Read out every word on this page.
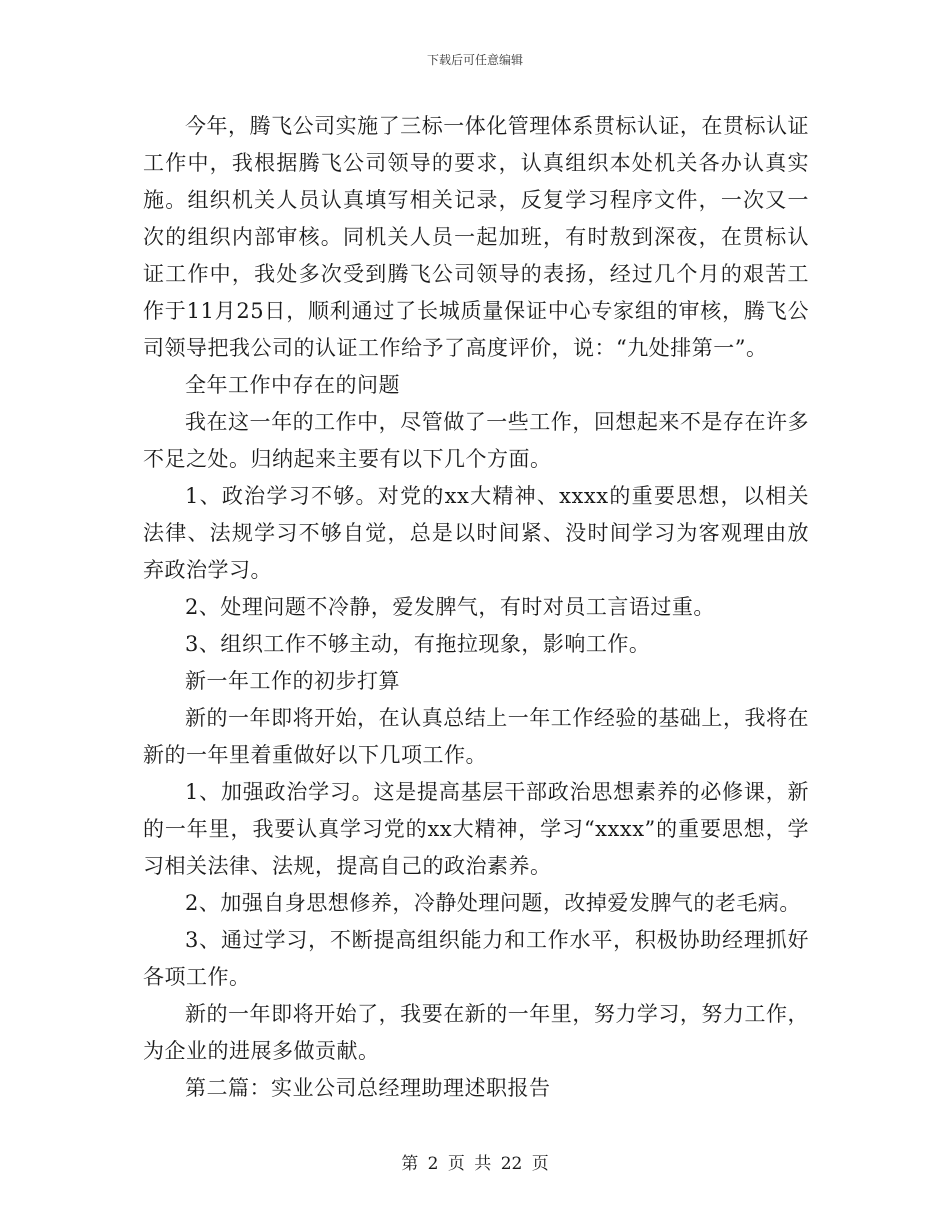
下载后可任意编辑

今年，腾飞公司实施了三标一体化管理体系贯标认证，在贯标认证工作中，我根据腾飞公司领导的要求，认真组织本处机关各办认真实施。组织机关人员认真填写相关记录，反复学习程序文件，一次又一次的组织内部审核。同机关人员一起加班，有时敖到深夜，在贯标认证工作中，我处多次受到腾飞公司领导的表扬，经过几个月的艰苦工作于11月25日，顺利通过了长城质量保证中心专家组的审核，腾飞公司领导把我公司的认证工作给予了高度评价，说：“九处排第一”。

全年工作中存在的问题

我在这一年的工作中，尽管做了一些工作，回想起来不是存在许多不足之处。归纳起来主要有以下几个方面。

1、政治学习不够。对党的xx大精神、xxxx的重要思想，以相关法律、法规学习不够自觉，总是以时间紧、没时间学习为客观理由放弃政治学习。

2、处理问题不冷静，爱发脾气，有时对员工言语过重。

3、组织工作不够主动，有拖拉现象，影响工作。

新一年工作的初步打算

新的一年即将开始，在认真总结上一年工作经验的基础上，我将在新的一年里着重做好以下几项工作。

1、加强政治学习。这是提高基层干部政治思想素养的必修课，新的一年里，我要认真学习党的xx大精神，学习“xxxx”的重要思想，学习相关法律、法规，提高自己的政治素养。

2、加强自身思想修养，冷静处理问题，改掉爱发脾气的老毛病。

3、通过学习，不断提高组织能力和工作水平，积极协助经理抓好各项工作。

新的一年即将开始了，我要在新的一年里，努力学习，努力工作，为企业的进展多做贡献。

第二篇：实业公司总经理助理述职报告

第 2 页 共 22 页
